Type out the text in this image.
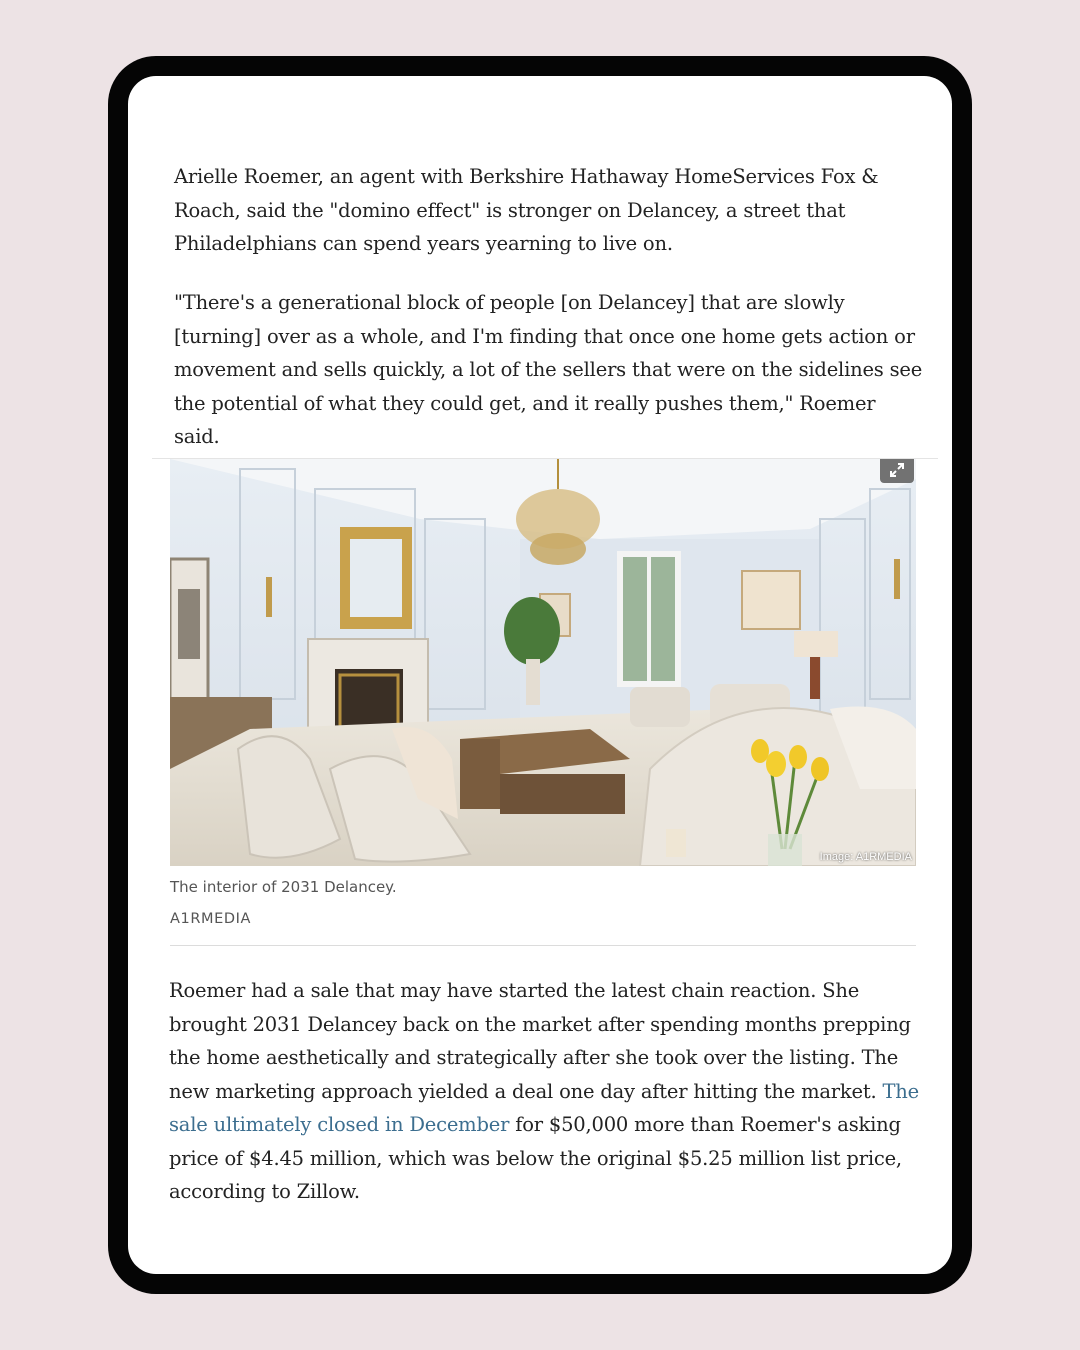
Arielle Roemer, an agent with Berkshire Hathaway HomeServices Fox & Roach, said the "domino effect" is stronger on Delancey, a street that Philadelphians can spend years yearning to live on.

"There's a generational block of people [on Delancey] that are slowly [turning] over as a whole, and I'm finding that once one home gets action or movement and sells quickly, a lot of the sellers that were on the sidelines see the potential of what they could get, and it really pushes them," Roemer said.

Image: A1RMEDIA
The interior of 2031 Delancey.
A1RMEDIA

Roemer had a sale that may have started the latest chain reaction. She brought 2031 Delancey back on the market after spending months prepping the home aesthetically and strategically after she took over the listing. The new marketing approach yielded a deal one day after hitting the market. The sale ultimately closed in December for $50,000 more than Roemer's asking price of $4.45 million, which was below the original $5.25 million list price, according to Zillow.
